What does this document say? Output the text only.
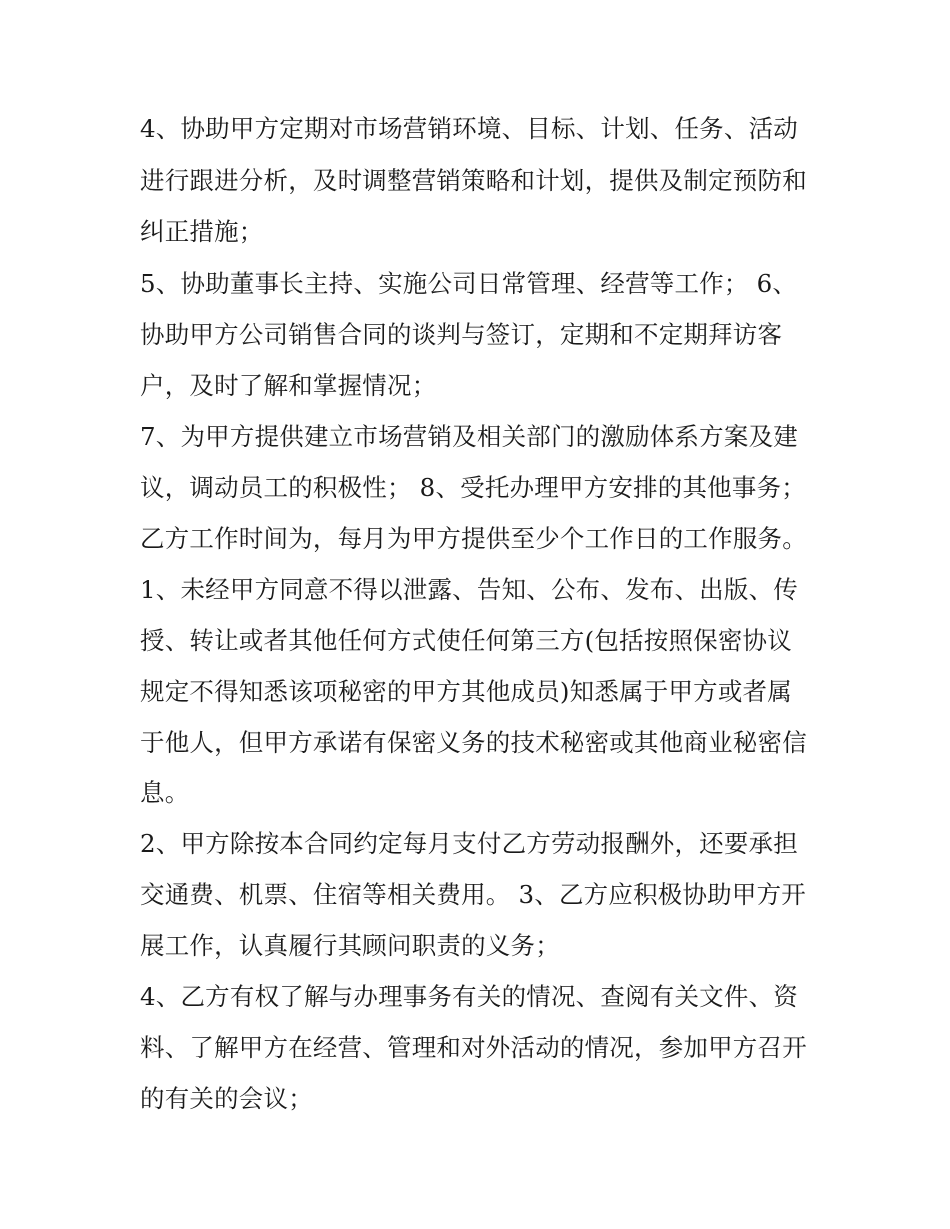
4、协助甲方定期对市场营销环境、目标、计划、任务、活动
进行跟进分析，及时调整营销策略和计划，提供及制定预防和
纠正措施；
5、协助董事长主持、实施公司日常管理、经营等工作； 6、
协助甲方公司销售合同的谈判与签订，定期和不定期拜访客
户，及时了解和掌握情况；
7、为甲方提供建立市场营销及相关部门的激励体系方案及建
议，调动员工的积极性； 8、受托办理甲方安排的其他事务；
乙方工作时间为，每月为甲方提供至少个工作日的工作服务。
1、未经甲方同意不得以泄露、告知、公布、发布、出版、传
授、转让或者其他任何方式使任何第三方(包括按照保密协议
规定不得知悉该项秘密的甲方其他成员)知悉属于甲方或者属
于他人，但甲方承诺有保密义务的技术秘密或其他商业秘密信
息。
2、甲方除按本合同约定每月支付乙方劳动报酬外，还要承担
交通费、机票、住宿等相关费用。 3、乙方应积极协助甲方开
展工作，认真履行其顾问职责的义务；
4、乙方有权了解与办理事务有关的情况、查阅有关文件、资
料、了解甲方在经营、管理和对外活动的情况，参加甲方召开
的有关的会议；
